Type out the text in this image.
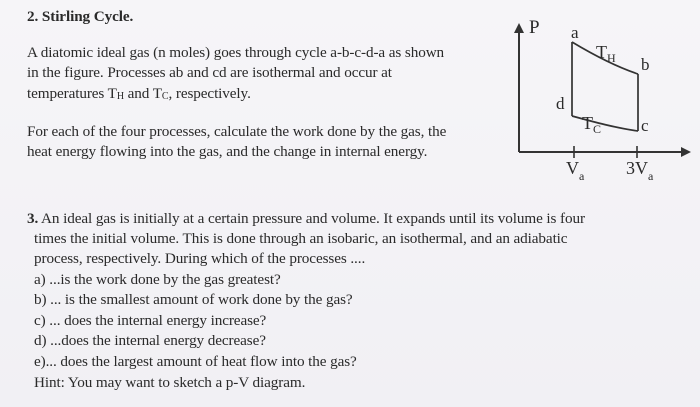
2. Stirling Cycle.
A diatomic ideal gas (n moles) goes through cycle a-b-c-d-a as shown
in the figure. Processes ab and cd are isothermal and occur at
temperatures $T_H$ and $T_C$, respectively.
For each of the four processes, calculate the work done by the gas, the
heat energy flowing into the gas, and the change in internal energy.
P a
b
c
d
$T_H$
$T_C$
$V_a$ $3V_a$
3. An ideal gas is initially at a certain pressure and volume. It expands until its volume is four
times the initial volume. This is done through an isobaric, an isothermal, and an adiabatic
process, respectively. During which of the processes ....
a) ...is the work done by the gas greatest?
b) ... is the smallest amount of work done by the gas?
c) ... does the internal energy increase?
d) ...does the internal energy decrease?
e)... does the largest amount of heat flow into the gas?
Hint: You may want to sketch a p-V diagram.
